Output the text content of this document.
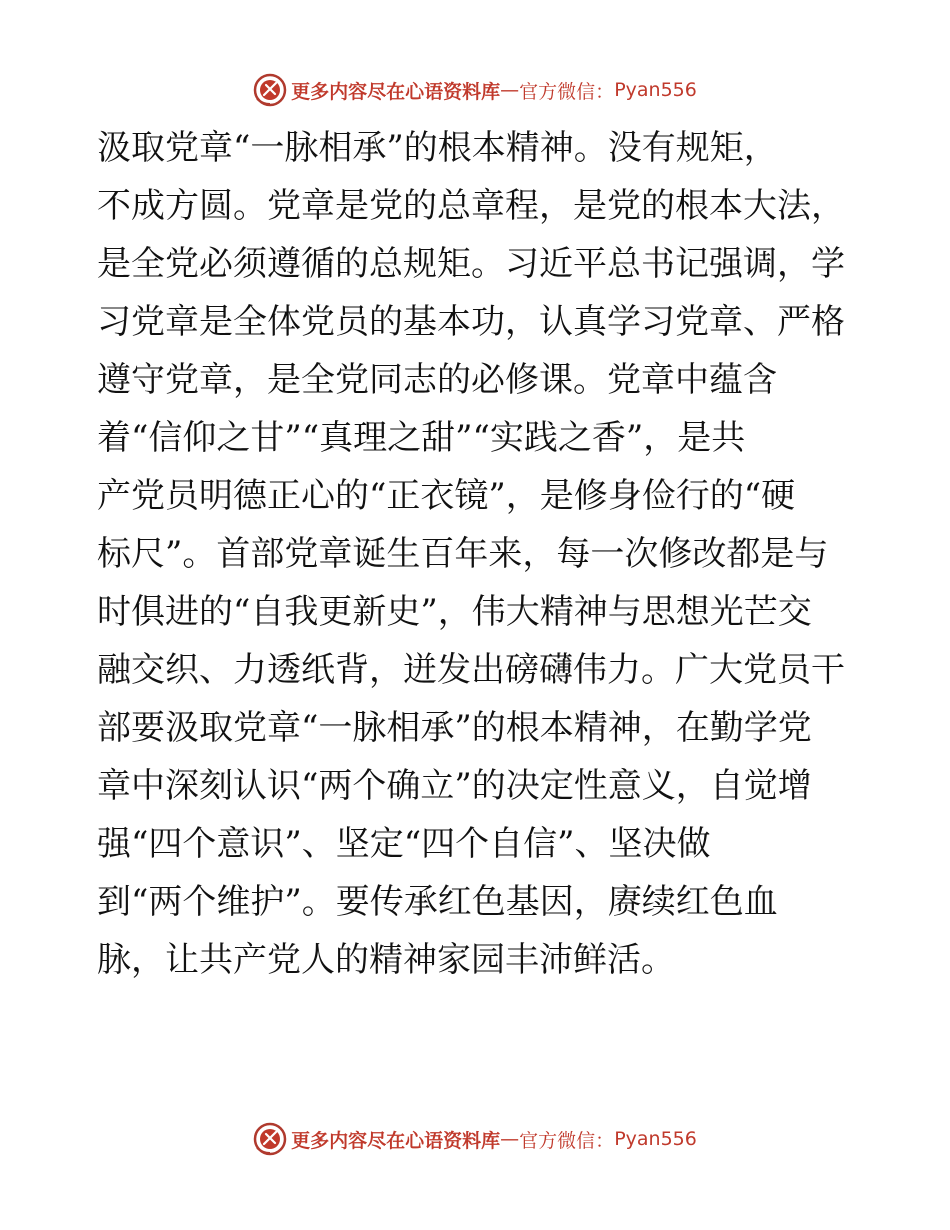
更多内容尽在心语资料库 — 官方微信： Pyan556
汲取党章“一脉相承”的根本精神。没有规矩，
不成方圆。党章是党的总章程，是党的根本大法，
是全党必须遵循的总规矩。习近平总书记强调，学
习党章是全体党员的基本功，认真学习党章、严格
遵守党章，是全党同志的必修课。党章中蕴含
着“信仰之甘”“真理之甜”“实践之香”，是共
产党员明德正心的“正衣镜”，是修身俭行的“硬
标尺”。首部党章诞生百年来，每一次修改都是与
时俱进的“自我更新史”，伟大精神与思想光芒交
融交织、力透纸背，迸发出磅礴伟力。广大党员干
部要汲取党章“一脉相承”的根本精神，在勤学党
章中深刻认识“两个确立”的决定性意义，自觉增
强“四个意识”、坚定“四个自信”、坚决做
到“两个维护”。要传承红色基因，赓续红色血
脉，让共产党人的精神家园丰沛鲜活。
更多内容尽在心语资料库 — 官方微信： Pyan556
